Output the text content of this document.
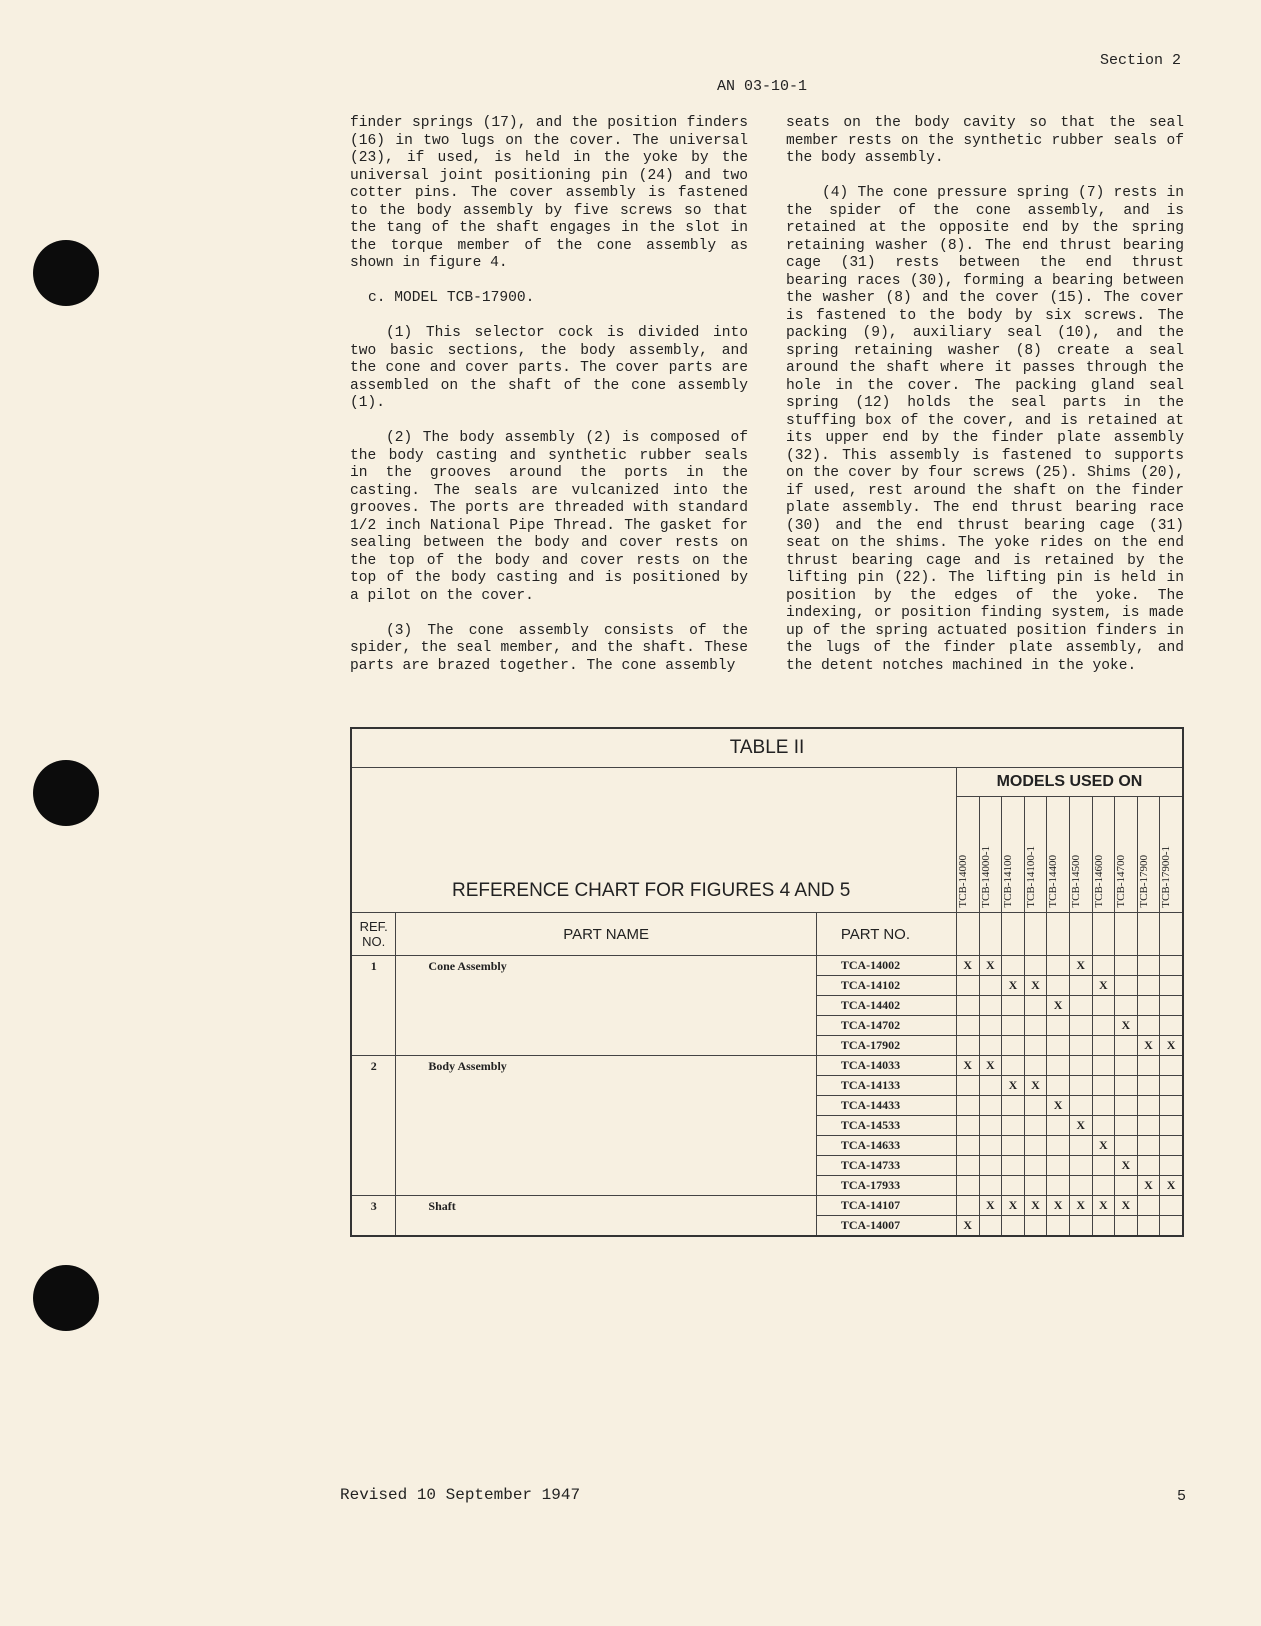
Section 2
AN 03-10-1

finder springs (17), and the position finders (16) in two lugs on the cover. The universal (23), if used, is held in the yoke by the universal joint positioning pin (24) and two cotter pins. The cover assembly is fastened to the body assembly by five screws so that the tang of the shaft engages in the slot in the torque member of the cone assembly as shown in figure 4.

c. MODEL TCB-17900.

(1) This selector cock is divided into two basic sections, the body assembly, and the cone and cover parts. The cover parts are assembled on the shaft of the cone assembly (1).

(2) The body assembly (2) is composed of the body casting and synthetic rubber seals in the grooves around the ports in the casting. The seals are vulcanized into the grooves. The ports are threaded with standard 1/2 inch National Pipe Thread. The gasket for sealing between the body and cover rests on the top of the body and cover rests on the top of the body casting and is positioned by a pilot on the cover.

(3) The cone assembly consists of the spider, the seal member, and the shaft. These parts are brazed together. The cone assembly

seats on the body cavity so that the seal member rests on the synthetic rubber seals of the body assembly.

(4) The cone pressure spring (7) rests in the spider of the cone assembly, and is retained at the opposite end by the spring retaining washer (8). The end thrust bearing cage (31) rests between the end thrust bearing races (30), forming a bearing between the washer (8) and the cover (15). The cover is fastened to the body by six screws. The packing (9), auxiliary seal (10), and the spring retaining washer (8) create a seal around the shaft where it passes through the hole in the cover. The packing gland seal spring (12) holds the seal parts in the stuffing box of the cover, and is retained at its upper end by the finder plate assembly (32). This assembly is fastened to supports on the cover by four screws (25). Shims (20), if used, rest around the shaft on the finder plate assembly. The end thrust bearing race (30) and the end thrust bearing cage (31) seat on the shims. The yoke rides on the end thrust bearing cage and is retained by the lifting pin (22). The lifting pin is held in position by the edges of the yoke. The indexing, or position finding system, is made up of the spring actuated position finders in the lugs of the finder plate assembly, and the detent notches machined in the yoke.

TABLE II												
REFERENCE CHART FOR FIGURES 4 AND 5			MODELS USED ON									

			TCB-14000	TCB-14000-1	TCB-14100	TCB-14100-1	TCB-14400	TCB-14500	TCB-14600	TCB-14700	TCB-17900	TCB-17900-1

REF. NO.	PART NAME	PART NO.										
1	Cone Assembly	TCA-14002	X	X				X				
		TCA-14102			X	X			X			
		TCA-14402					X					
		TCA-14702								X		
		TCA-17902									X	X
2	Body Assembly	TCA-14033	X	X								
		TCA-14133			X	X						
		TCA-14433					X					
		TCA-14533						X				
		TCA-14633							X			
		TCA-14733								X		
		TCA-17933									X	X
3	Shaft	TCA-14107		X	X	X	X	X	X	X		
		TCA-14007	X									
Revised 10 September 1947	5
